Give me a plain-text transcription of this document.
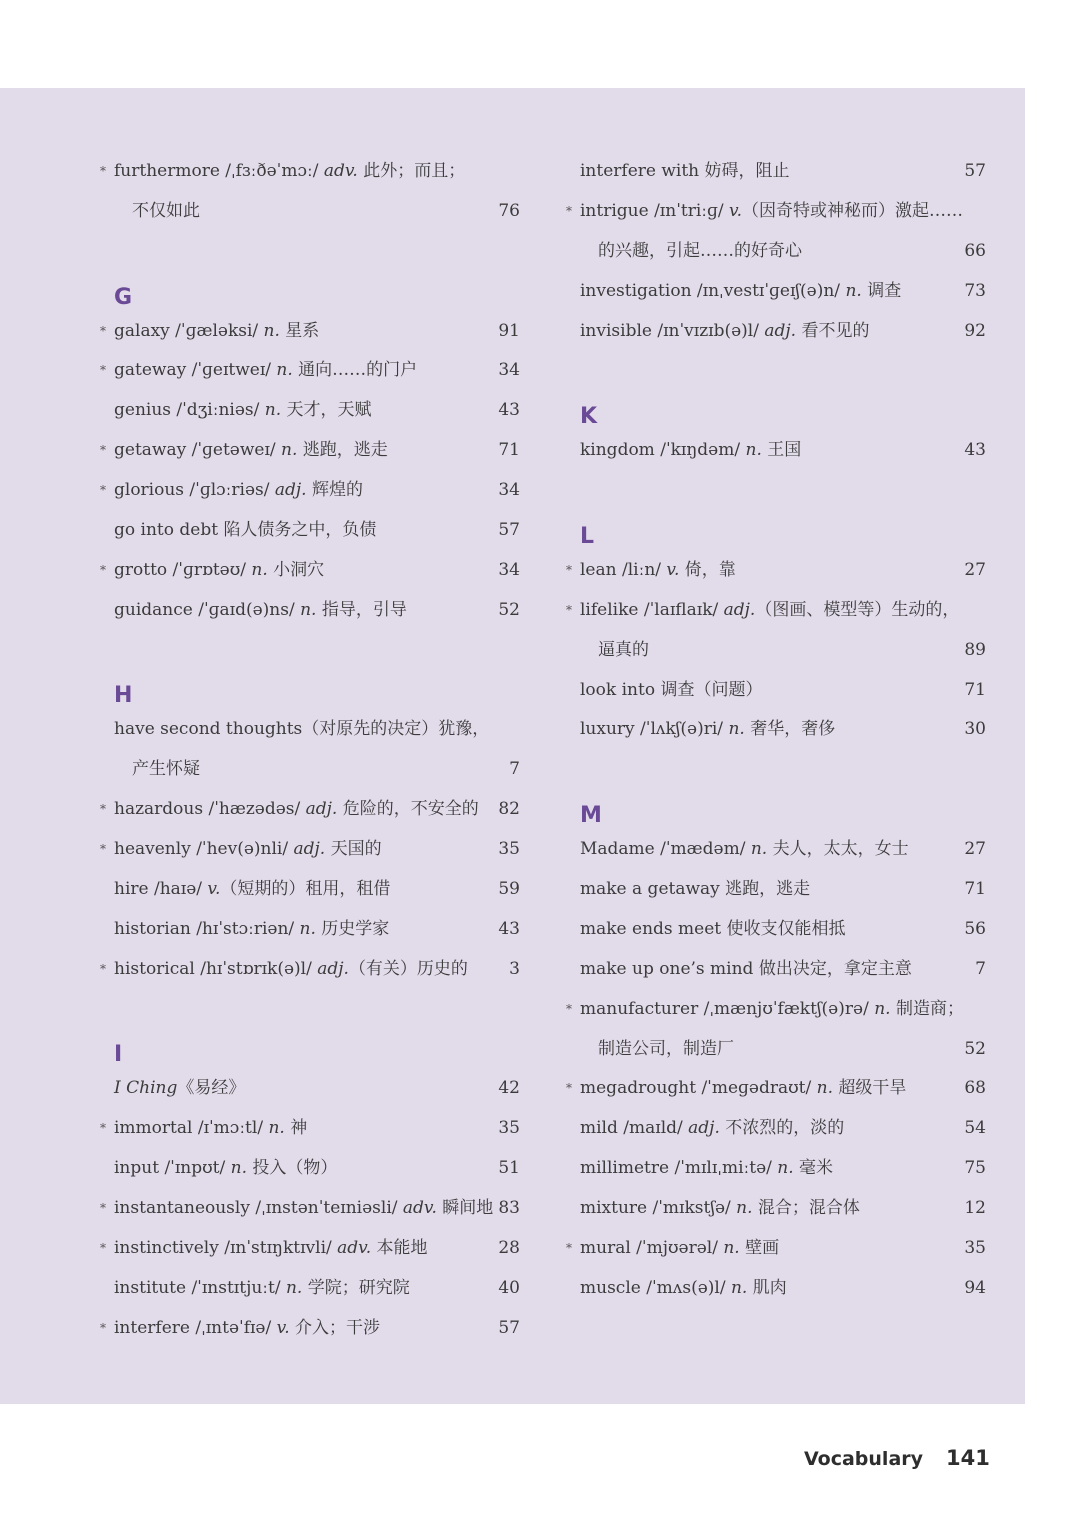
* furthermore /ˌfɜːðəˈmɔː/ adv. 此外；而且；
不仅如此	76
G
* galaxy /ˈɡæləksi/ n. 星系	91
* gateway /ˈɡeɪtweɪ/ n. 通向……的门户	34
genius /ˈdʒiːniəs/ n. 天才，天赋	43
* getaway /ˈɡetəweɪ/ n. 逃跑，逃走	71
* glorious /ˈɡlɔːriəs/ adj. 辉煌的	34
go into debt 陷人债务之中，负债	57
* grotto /ˈɡrɒtəʊ/ n. 小洞穴	34
guidance /ˈɡaɪd(ə)ns/ n. 指导，引导	52
H
have second thoughts（对原先的决定）犹豫，
产生怀疑	7
* hazardous /ˈhæzədəs/ adj. 危险的，不安全的 82
* heavenly /ˈhev(ə)nli/ adj. 天国的	35
hire /haɪə/ v.（短期的）租用，租借	59
historian /hɪˈstɔːriən/ n. 历史学家	43
* historical /hɪˈstɒrɪk(ə)l/ adj.（有关）历史的 3
I
I Ching《易经》	42
* immortal /ɪˈmɔːtl/ n. 神	35
input /ˈɪnpʊt/ n. 投入（物）	51
* instantaneously /ˌɪnstənˈteɪniəsli/ adv. 瞬间地 83
* instinctively /ɪnˈstɪŋktɪvli/ adv. 本能地	28
institute /ˈɪnstɪtjuːt/ n. 学院；研究院	40
* interfere /ˌɪntəˈfɪə/ v. 介入；干涉	57
interfere with 妨碍，阻止	57
* intrigue /ɪnˈtriːɡ/ v.（因奇特或神秘而）激起……
的兴趣，引起……的好奇心	66
investigation /ɪnˌvestɪˈɡeɪʃ(ə)n/ n. 调查	73
invisible /ɪnˈvɪzɪb(ə)l/ adj. 看不见的	92
K
kingdom /ˈkɪŋdəm/ n. 王国	43
L
* lean /liːn/ v. 倚，靠	27
* lifelike /ˈlaɪflaɪk/ adj.（图画、模型等）生动的，
逼真的	89
look into 调查（问题）	71
luxury /ˈlʌkʃ(ə)ri/ n. 奢华，奢侈	30
M
Madame /ˈmædəm/ n. 夫人，太太，女士	27
make a getaway 逃跑，逃走	71
make ends meet 使收支仅能相抵	56
make up one’s mind 做出决定，拿定主意	7
* manufacturer /ˌmænjʊˈfæktʃ(ə)rə/ n. 制造商；
制造公司，制造厂	52
* megadrought /ˈmeɡədraʊt/ n. 超级干旱	68
mild /maɪld/ adj. 不浓烈的，淡的	54
millimetre /ˈmɪlɪˌmiːtə/ n. 毫米	75
mixture /ˈmɪkstʃə/ n. 混合；混合体	12
* mural /ˈmjʊərəl/ n. 壁画	35
muscle /ˈmʌs(ə)l/ n. 肌肉	94
Vocabulary 141
